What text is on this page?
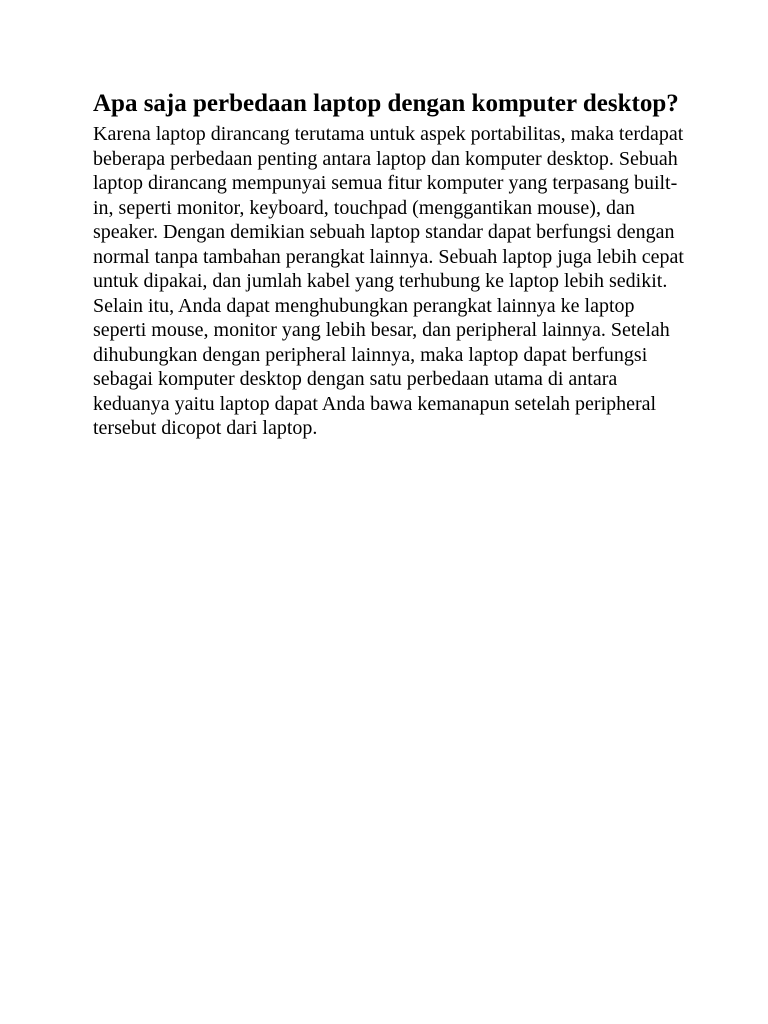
Apa saja perbedaan laptop dengan komputer desktop?

Karena laptop dirancang terutama untuk aspek portabilitas, maka terdapat beberapa perbedaan penting antara laptop dan komputer desktop. Sebuah laptop dirancang mempunyai semua fitur komputer yang terpasang built-in, seperti monitor, keyboard, touchpad (menggantikan mouse), dan speaker. Dengan demikian sebuah laptop standar dapat berfungsi dengan normal tanpa tambahan perangkat lainnya. Sebuah laptop juga lebih cepat untuk dipakai, dan jumlah kabel yang terhubung ke laptop lebih sedikit.

Selain itu, Anda dapat menghubungkan perangkat lainnya ke laptop seperti mouse, monitor yang lebih besar, dan peripheral lainnya. Setelah dihubungkan dengan peripheral lainnya, maka laptop dapat berfungsi sebagai komputer desktop dengan satu perbedaan utama di antara keduanya yaitu laptop dapat Anda bawa kemanapun setelah peripheral tersebut dicopot dari laptop.
